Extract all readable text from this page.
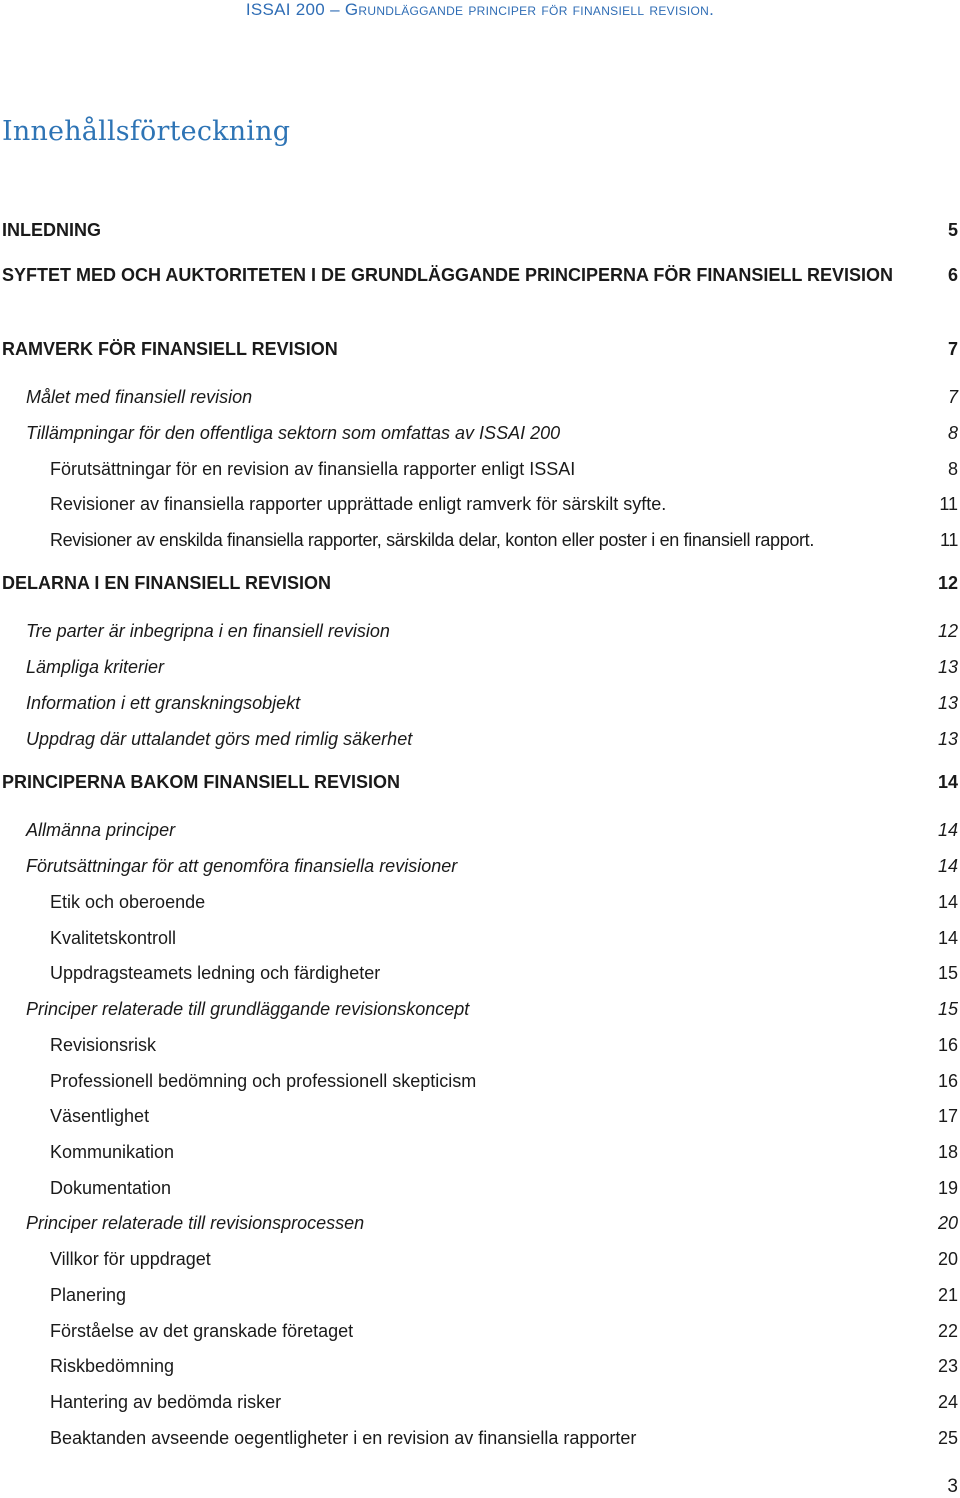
ISSAI 200 – Grundläggande principer för finansiell revision.
Innehållsförteckning
INLEDNING	5
SYFTET MED OCH AUKTORITETEN I DE GRUNDLÄGGANDE PRINCIPERNA FÖR FINANSIELL REVISION	6
RAMVERK FÖR FINANSIELL REVISION	7
Målet med finansiell revision	7
Tillämpningar för den offentliga sektorn som omfattas av ISSAI 200	8
Förutsättningar för en revision av finansiella rapporter enligt ISSAI	8
Revisioner av finansiella rapporter upprättade enligt ramverk för särskilt syfte.	11
Revisioner av enskilda finansiella rapporter, särskilda delar, konton eller poster i en finansiell rapport.	11
DELARNA I EN FINANSIELL REVISION	12
Tre parter är inbegripna i en finansiell revision	12
Lämpliga kriterier	13
Information i ett granskningsobjekt	13
Uppdrag där uttalandet görs med rimlig säkerhet	13
PRINCIPERNA BAKOM FINANSIELL REVISION	14
Allmänna principer	14
Förutsättningar för att genomföra finansiella revisioner	14
Etik och oberoende	14
Kvalitetskontroll	14
Uppdragsteamets ledning och färdigheter	15
Principer relaterade till grundläggande revisionskoncept	15
Revisionsrisk	16
Professionell bedömning och professionell skepticism	16
Väsentlighet	17
Kommunikation	18
Dokumentation	19
Principer relaterade till revisionsprocessen	20
Villkor för uppdraget	20
Planering	21
Förståelse av det granskade företaget	22
Riskbedömning	23
Hantering av bedömda risker	24
Beaktanden avseende oegentligheter i en revision av finansiella rapporter	25
3
